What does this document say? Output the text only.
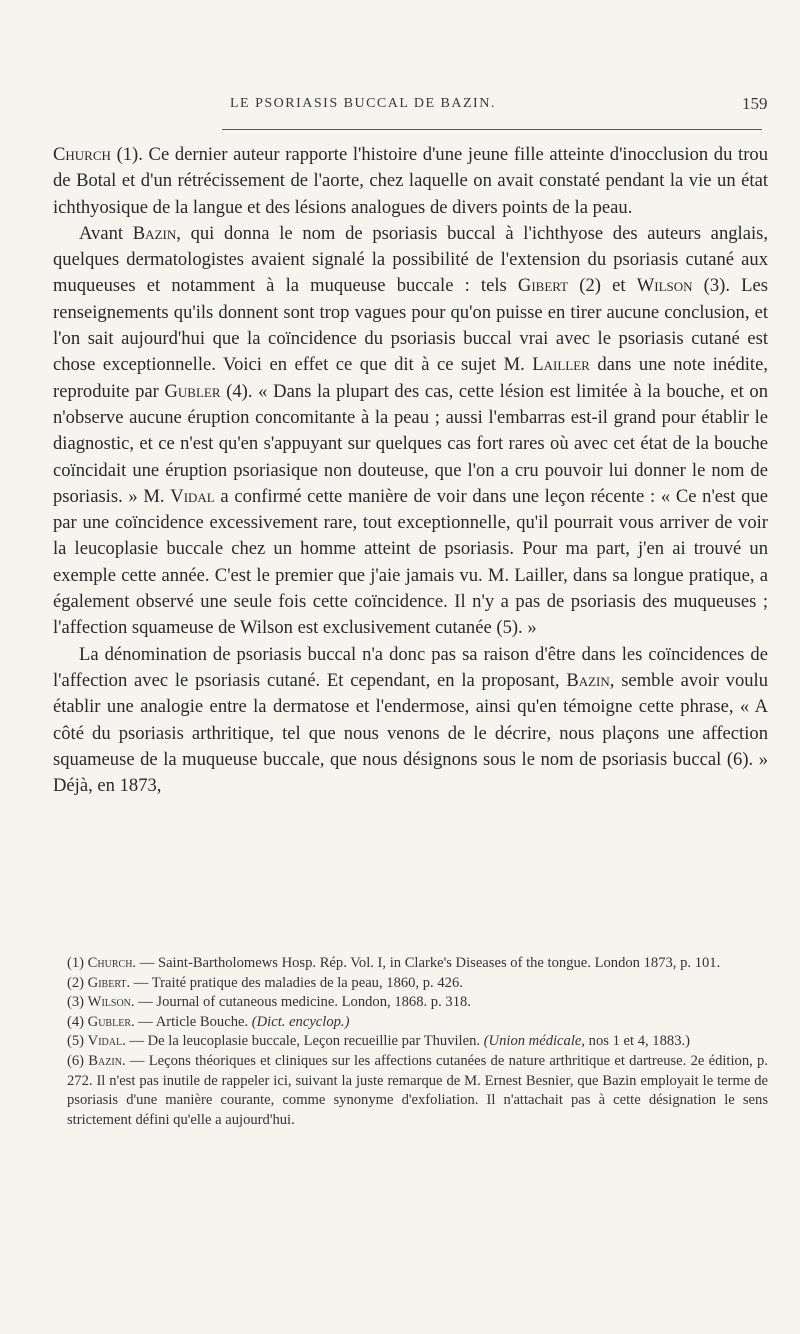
LE PSORIASIS BUCCAL DE BAZIN.	159

Church (1). Ce dernier auteur rapporte l'histoire d'une jeune fille atteinte d'inocclusion du trou de Botal et d'un rétrécissement de l'aorte, chez laquelle on avait constaté pendant la vie un état ichthyosique de la langue et des lésions analogues de divers points de la peau.

Avant Bazin, qui donna le nom de psoriasis buccal à l'ichthyose des auteurs anglais, quelques dermatologistes avaient signalé la possibilité de l'extension du psoriasis cutané aux muqueuses et notamment à la muqueuse buccale : tels Gibert (2) et Wilson (3). Les renseignements qu'ils donnent sont trop vagues pour qu'on puisse en tirer aucune conclusion, et l'on sait aujourd'hui que la coïncidence du psoriasis buccal vrai avec le psoriasis cutané est chose exceptionnelle. Voici en effet ce que dit à ce sujet M. Lailler dans une note inédite, reproduite par Gubler (4). « Dans la plupart des cas, cette lésion est limitée à la bouche, et on n'observe aucune éruption concomitante à la peau ; aussi l'embarras est-il grand pour établir le diagnostic, et ce n'est qu'en s'appuyant sur quelques cas fort rares où avec cet état de la bouche coïncidait une éruption psoriasique non douteuse, que l'on a cru pouvoir lui donner le nom de psoriasis. » M. Vidal a confirmé cette manière de voir dans une leçon récente : « Ce n'est que par une coïncidence excessivement rare, tout exceptionnelle, qu'il pourrait vous arriver de voir la leucoplasie buccale chez un homme atteint de psoriasis. Pour ma part, j'en ai trouvé un exemple cette année. C'est le premier que j'aie jamais vu. M. Lailler, dans sa longue pratique, a également observé une seule fois cette coïncidence. Il n'y a pas de psoriasis des muqueuses ; l'affection squameuse de Wilson est exclusivement cutanée (5). »

La dénomination de psoriasis buccal n'a donc pas sa raison d'être dans les coïncidences de l'affection avec le psoriasis cutané. Et cependant, en la proposant, Bazin, semble avoir voulu établir une analogie entre la dermatose et l'endermose, ainsi qu'en témoigne cette phrase, « A côté du psoriasis arthritique, tel que nous venons de le décrire, nous plaçons une affection squameuse de la muqueuse buccale, que nous désignons sous le nom de psoriasis buccal (6). » Déjà, en 1873,

(1) Church. — Saint-Bartholomews Hosp. Rép. Vol. I, in Clarke's Diseases of the tongue. London 1873, p. 101.

(2) Gibert. — Traité pratique des maladies de la peau, 1860, p. 426.

(3) Wilson. — Journal of cutaneous medicine. London, 1868. p. 318.

(4) Gubler. — Article Bouche. (Dict. encyclop.)

(5) Vidal. — De la leucoplasie buccale, Leçon recueillie par Thuvilen. (Union médicale, nos 1 et 4, 1883.)

(6) Bazin. — Leçons théoriques et cliniques sur les affections cutanées de nature arthritique et dartreuse. 2e édition, p. 272. Il n'est pas inutile de rappeler ici, suivant la juste remarque de M. Ernest Besnier, que Bazin employait le terme de psoriasis d'une manière courante, comme synonyme d'exfoliation. Il n'attachait pas à cette désignation le sens strictement défini qu'elle a aujourd'hui.
